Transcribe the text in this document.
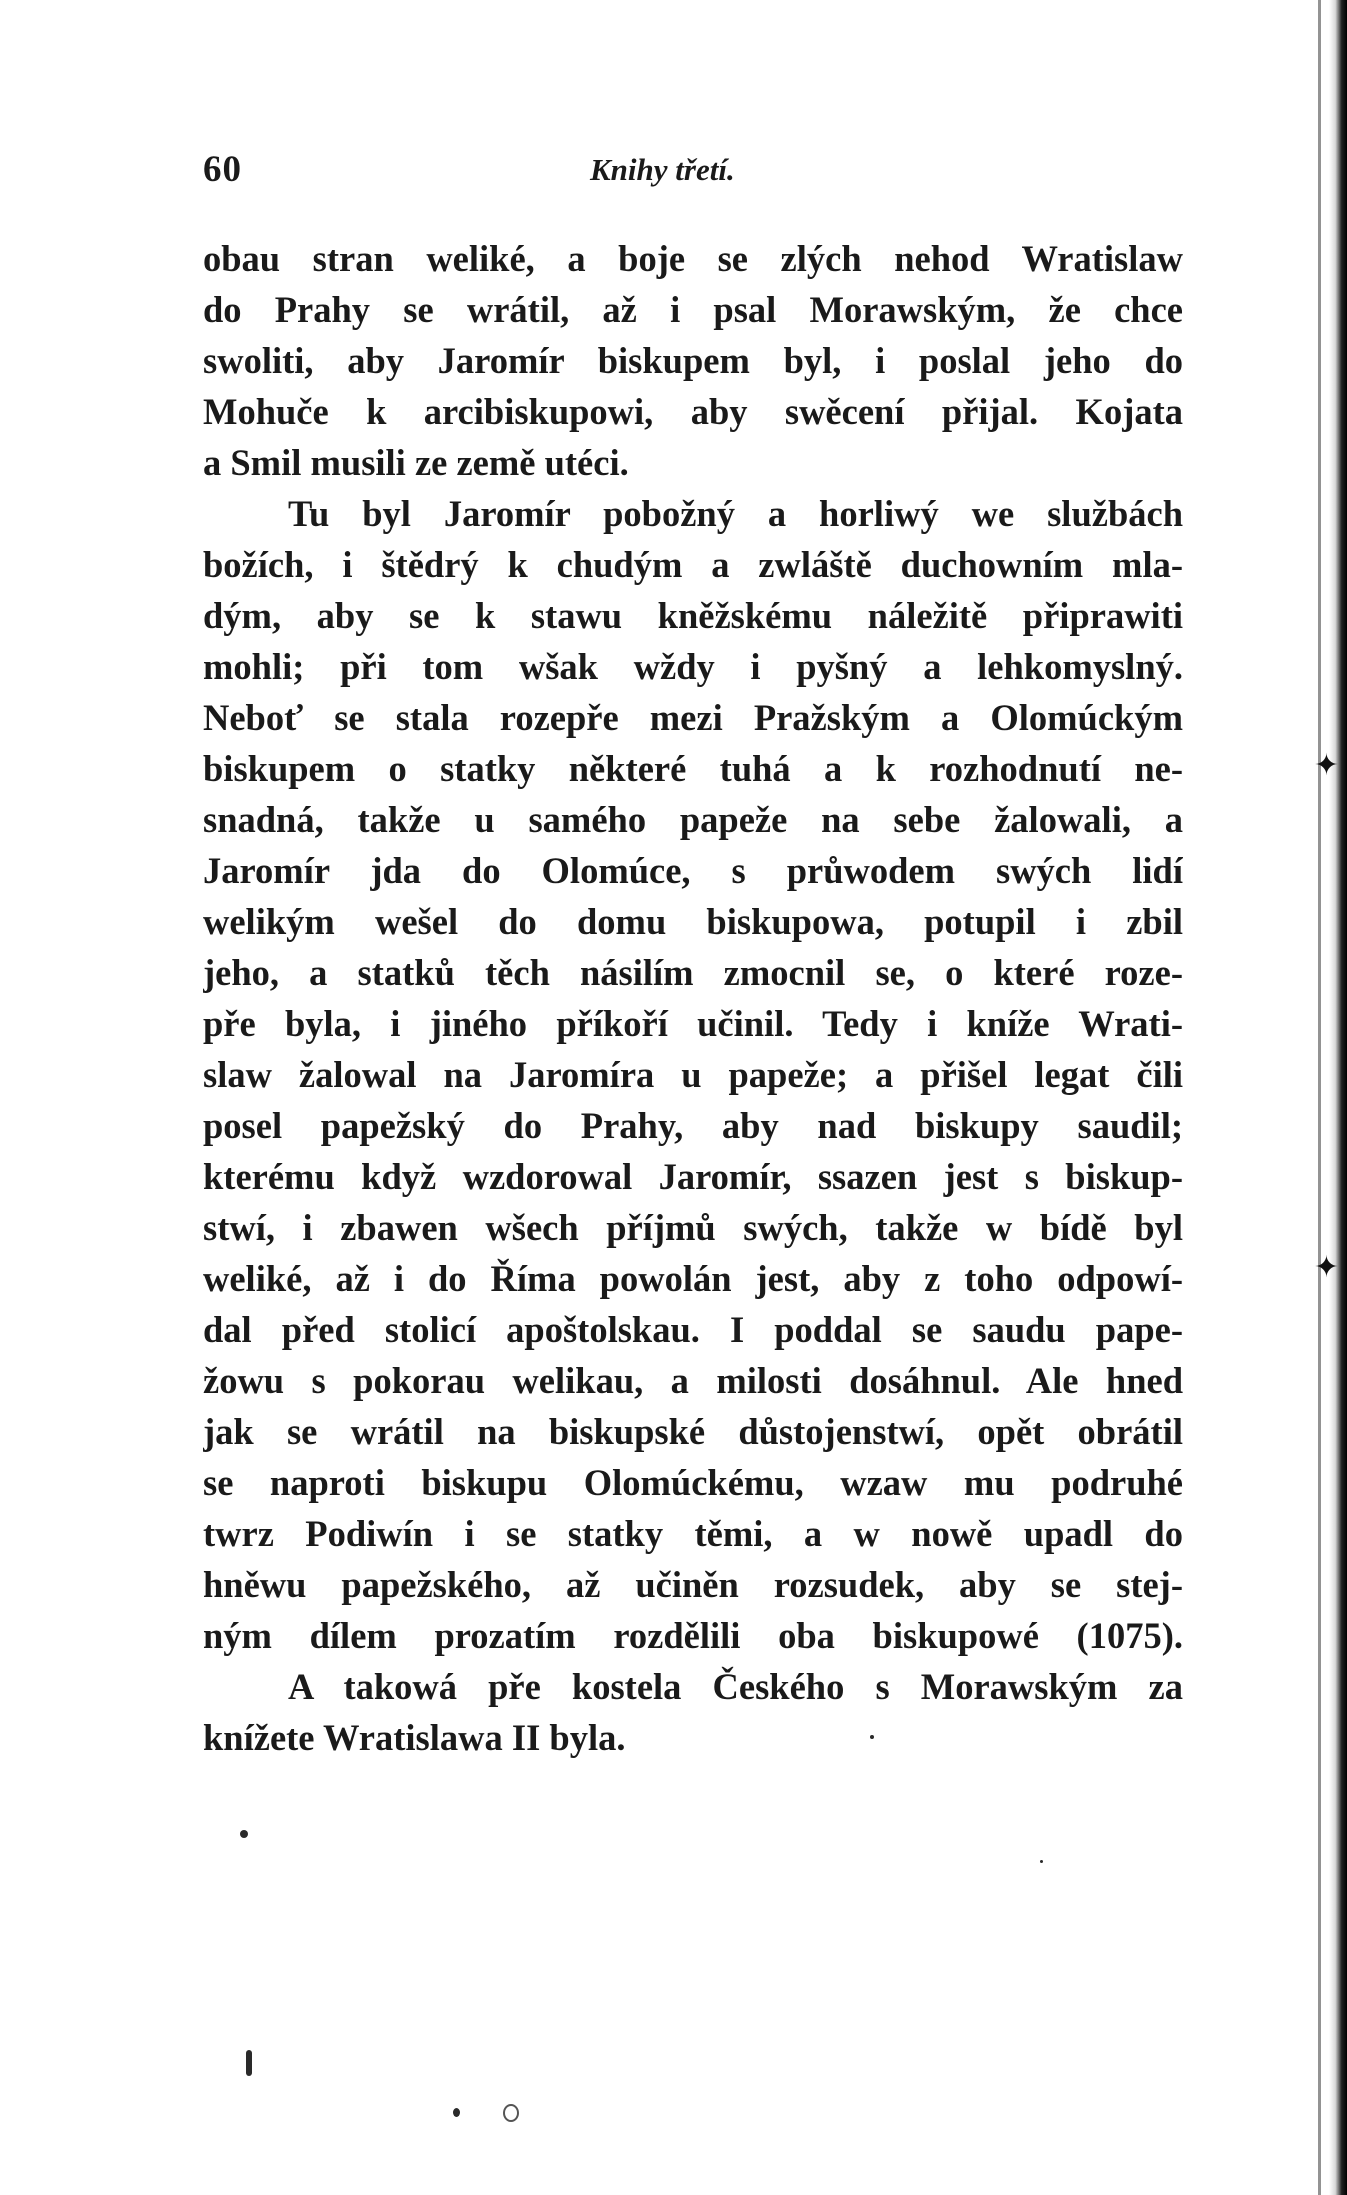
60	Knihy třetí.
obau stran weliké, a boje se zlých nehod Wratislaw
do Prahy se wrátil, až i psal Morawským, že chce
swoliti, aby Jaromír biskupem byl, i poslal jeho do
Mohuče k arcibiskupowi, aby swěcení přijal. Kojata
a Smil musili ze země utéci.
Tu byl Jaromír pobožný a horliwý we službách
božích, i štědrý k chudým a zwláště duchowním mla-
dým, aby se k stawu kněžskému náležitě připrawiti
mohli; při tom wšak wždy i pyšný a lehkomyslný.
Neboť se stala rozepře mezi Pražským a Olomúckým
biskupem o statky některé tuhá a k rozhodnutí ne-
snadná, takže u samého papeže na sebe žalowali, a
Jaromír jda do Olomúce, s průwodem swých lidí
welikým wešel do domu biskupowa, potupil i zbil
jeho, a statků těch násilím zmocnil se, o které roze-
pře byla, i jiného příkoří učinil. Tedy i kníže Wrati-
slaw žalowal na Jaromíra u papeže; a přišel legat čili
posel papežský do Prahy, aby nad biskupy saudil;
kterému když wzdorowal Jaromír, ssazen jest s biskup-
stwí, i zbawen wšech příjmů swých, takže w bídě byl
weliké, až i do Říma powolán jest, aby z toho odpowí-
dal před stolicí apoštolskau. I poddal se saudu pape-
žowu s pokorau welikau, a milosti dosáhnul. Ale hned
jak se wrátil na biskupské důstojenstwí, opět obrátil
se naproti biskupu Olomúckému, wzaw mu podruhé
twrz Podiwín i se statky těmi, a w nowě upadl do
hněwu papežského, až učiněn rozsudek, aby se stej-
ným dílem prozatím rozdělili oba biskupowé (1075).
A takowá pře kostela Českého s Morawským za
knížete Wratislawa II byla.
✦
✦
